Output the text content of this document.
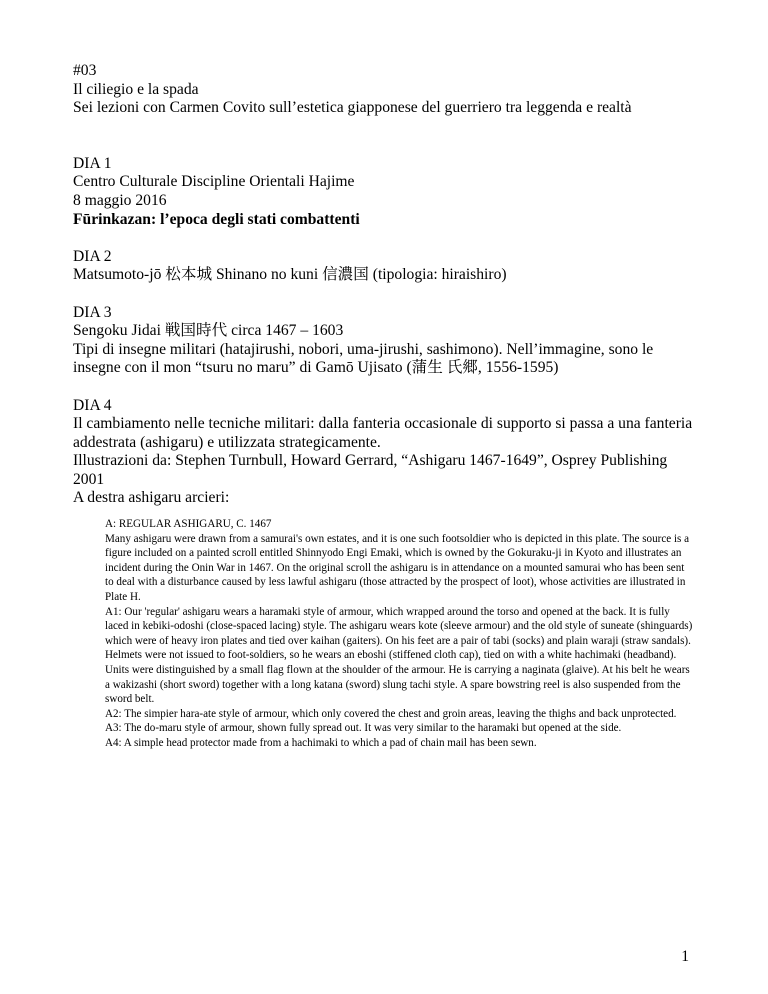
#03
Il ciliegio e la spada
Sei lezioni con Carmen Covito sull’estetica giapponese del guerriero tra leggenda e realtà
DIA 1
Centro Culturale Discipline Orientali Hajime
8 maggio 2016
Fūrinkazan: l’epoca degli stati combattenti
DIA 2
Matsumoto-jō 松本城 Shinano no kuni 信濃国 (tipologia: hiraishiro)
DIA 3
Sengoku Jidai 戦国時代 circa 1467 – 1603
Tipi di insegne militari (hatajirushi, nobori, uma-jirushi, sashimono). Nell’immagine, sono le insegne con il mon “tsuru no maru” di Gamō Ujisato (蒲生 氏郷, 1556-1595)
DIA 4
Il cambiamento nelle tecniche militari: dalla fanteria occasionale di supporto si passa a una fanteria addestrata (ashigaru) e utilizzata strategicamente.
Illustrazioni da: Stephen Turnbull, Howard Gerrard, “Ashigaru 1467-1649”, Osprey Publishing 2001
A destra ashigaru arcieri:
A: REGULAR ASHIGARU, C. 1467
Many ashigaru were drawn from a samurai's own estates, and it is one such footsoldier who is depicted in this plate. The source is a figure included on a painted scroll entitled Shinnyodo Engi Emaki, which is owned by the Gokuraku-ji in Kyoto and illustrates an incident during the Onin War in 1467. On the original scroll the ashigaru is in attendance on a mounted samurai who has been sent to deal with a disturbance caused by less lawful ashigaru (those attracted by the prospect of loot), whose activities are illustrated in Plate H.
A1: Our 'regular' ashigaru wears a haramaki style of armour, which wrapped around the torso and opened at the back. It is fully laced in kebiki-odoshi (close-spaced lacing) style. The ashigaru wears kote (sleeve armour) and the old style of suneate (shinguards) which were of heavy iron plates and tied over kaihan (gaiters). On his feet are a pair of tabi (socks) and plain waraji (straw sandals). Helmets were not issued to foot-soldiers, so he wears an eboshi (stiffened cloth cap), tied on with a white hachimaki (headband). Units were distinguished by a small flag flown at the shoulder of the armour. He is carrying a naginata (glaive). At his belt he wears a wakizashi (short sword) together with a long katana (sword) slung tachi style. A spare bowstring reel is also suspended from the sword belt.
A2: The simpier hara-ate style of armour, which only covered the chest and groin areas, leaving the thighs and back unprotected.
A3: The do-maru style of armour, shown fully spread out. It was very similar to the haramaki but opened at the side.
A4: A simple head protector made from a hachimaki to which a pad of chain mail has been sewn.
1
